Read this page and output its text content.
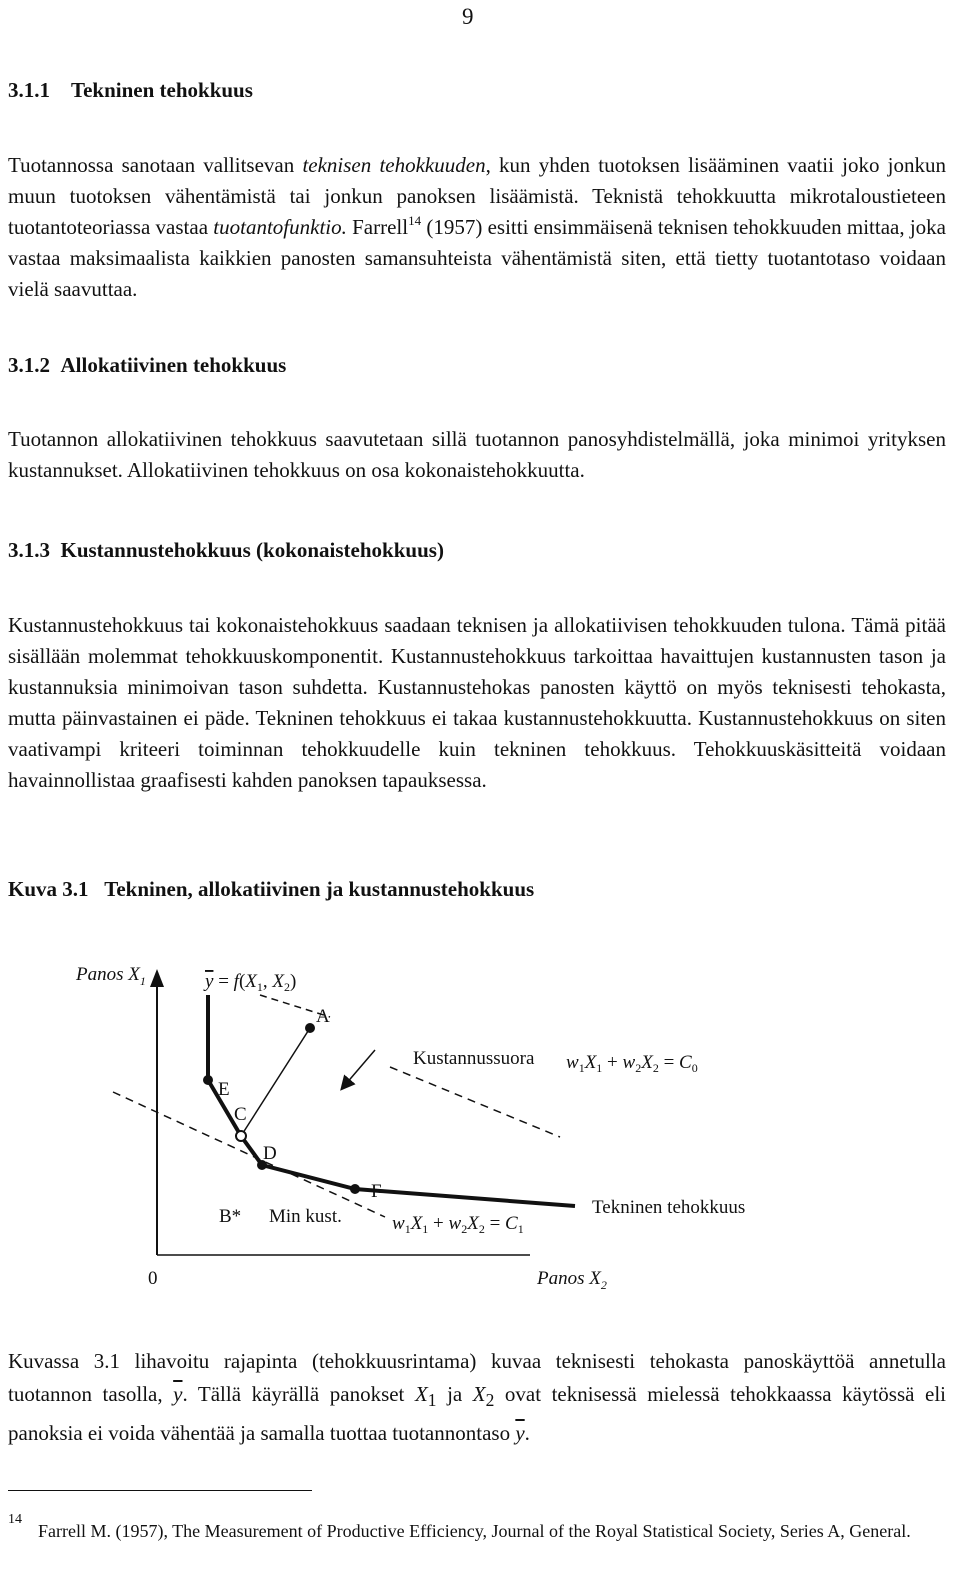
9
3.1.1 Tekninen tehokkuus

Tuotannossa sanotaan vallitsevan teknisen tehokkuuden, kun yhden tuotoksen lisääminen vaatii joko jonkun muun tuotoksen vähentämistä tai jonkun panoksen lisäämistä. Teknistä tehokkuutta mikrotaloustieteen tuotantoteoriassa vastaa tuotantofunktio. Farrell$^{14}$ (1957) esitti ensimmäisenä teknisen tehokkuuden mittaa, joka vastaa maksimaalista kaikkien panosten samansuhteista vähentämistä siten, että tietty tuotantotaso voidaan vielä saavuttaa.

3.1.2 Allokatiivinen tehokkuus

Tuotannon allokatiivinen tehokkuus saavutetaan sillä tuotannon panosyhdistelmällä, joka minimoi yrityksen kustannukset. Allokatiivinen tehokkuus on osa kokonaistehokkuutta.

3.1.3 Kustannustehokkuus (kokonaistehokkuus)

Kustannustehokkuus tai kokonaistehokkuus saadaan teknisen ja allokatiivisen tehokkuuden tulona. Tämä pitää sisällään molemmat tehokkuuskomponentit. Kustannustehokkuus tarkoittaa havaittujen kustannusten tason ja kustannuksia minimoivan tason suhdetta. Kustannustehokas panosten käyttö on myös teknisesti tehokasta, mutta päinvastainen ei päde. Tekninen tehokkuus ei takaa kustannustehokkuutta. Kustannustehokkuus on siten vaativampi kriteeri toiminnan tehokkuudelle kuin tekninen tehokkuus. Tehokkuuskäsitteitä voidaan havainnollistaa graafisesti kahden panoksen tapauksessa.

Kuva 3.1 Tekninen, allokatiivinen ja kustannustehokkuus
Panos $X_1$
Panos $X_2$
0
$y = f(X_1$, $X_2$)
A
E
C
D
F
B*
Kustannussuora $w_1X_1 + w_2X_2 = C_0$
Min kust.	$w_1X_1 + w_2X_2 = C_1$
Tekninen tehokkuus

Kuvassa 3.1 lihavoitu rajapinta (tehokkuusrintama) kuvaa teknisesti tehokasta panoskäyttöä annetulla tuotannon tasolla, $\overline{y}$. Tällä käyrällä panokset $X_1$ ja $X_2$ ovat teknisessä mielessä tehokkaassa käytössä eli panoksia ei voida vähentää ja samalla tuottaa tuotannontaso $\overline{y}$.

14

Farrell M. (1957), The Measurement of Productive Efficiency, Journal of the Royal Statistical Society, Series A, General.
